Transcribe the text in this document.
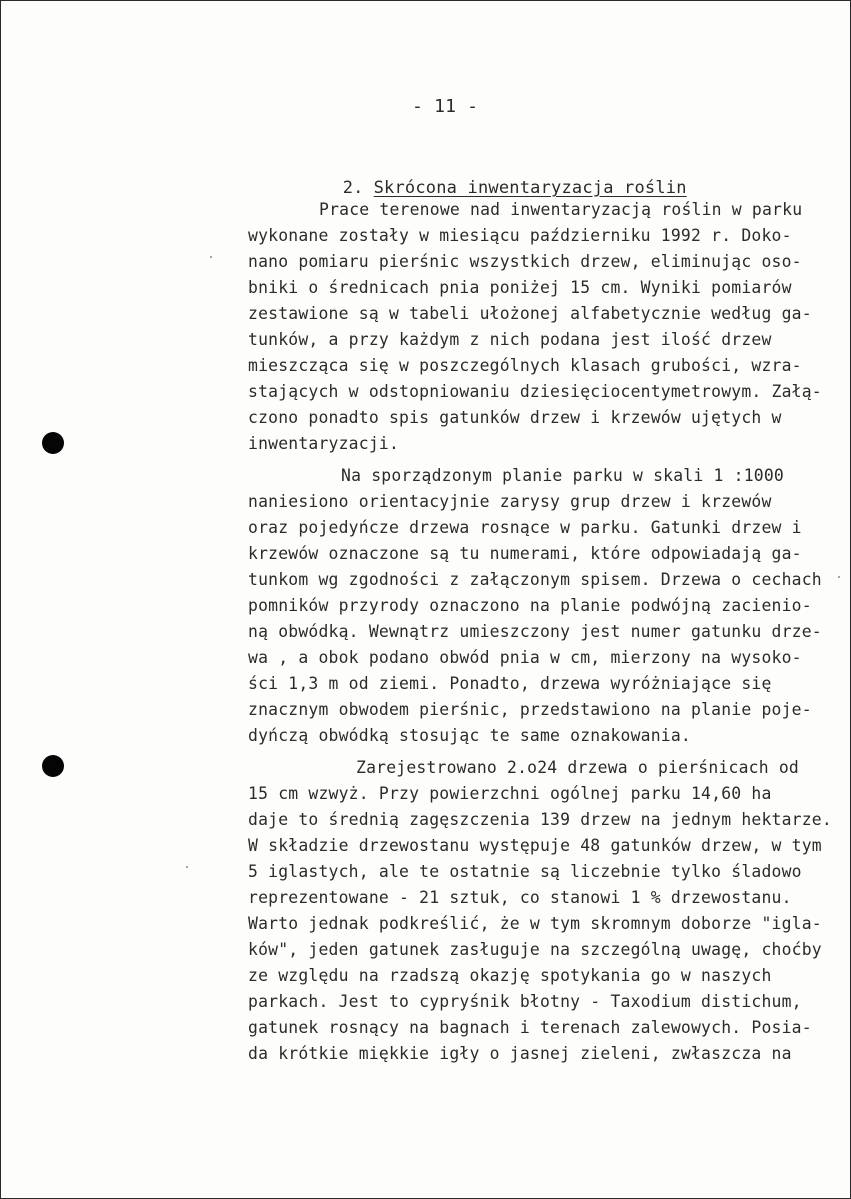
- 11 -

2. Skrócona inwentaryzacja roślin

Prace terenowe nad inwentaryzacją roślin w parku
wykonane zostały w miesiącu październiku 1992 r. Doko-
nano pomiaru pierśnic wszystkich drzew, eliminując oso-
bniki o średnicach pnia poniżej 15 cm. Wyniki pomiarów
zestawione są w tabeli ułożonej alfabetycznie według ga-
tunków, a przy każdym z nich podana jest ilość drzew
mieszcząca się w poszczególnych klasach grubości, wzra-
stających w odstopniowaniu dziesięciocentymetrowym. Załą-
czono ponadto spis gatunków drzew i krzewów ujętych w
inwentaryzacji.
Na sporządzonym planie parku w skali 1 :1000
naniesiono orientacyjnie zarysy grup drzew i krzewów
oraz pojedyńcze drzewa rosnące w parku. Gatunki drzew i
krzewów oznaczone są tu numerami, które odpowiadają ga-
tunkom wg zgodności z załączonym spisem. Drzewa o cechach
pomników przyrody oznaczono na planie podwójną zacienio-
ną obwódką. Wewnątrz umieszczony jest numer gatunku drze-
wa , a obok podano obwód pnia w cm, mierzony na wysoko-
ści 1,3 m od ziemi. Ponadto, drzewa wyróżniające się
znacznym obwodem pierśnic, przedstawiono na planie poje-
dyńczą obwódką stosując te same oznakowania.
Zarejestrowano 2.o24 drzewa o pierśnicach od
15 cm wzwyż. Przy powierzchni ogólnej parku 14,60 ha
daje to średnią zagęszczenia 139 drzew na jednym hektarze.
W składzie drzewostanu występuje 48 gatunków drzew, w tym
5 iglastych, ale te ostatnie są liczebnie tylko śladowo
reprezentowane - 21 sztuk, co stanowi 1 % drzewostanu.
Warto jednak podkreślić, że w tym skromnym doborze "igla-
ków", jeden gatunek zasługuje na szczególną uwagę, choćby
ze względu na rzadszą okazję spotykania go w naszych
parkach. Jest to cypryśnik błotny - Taxodium distichum,
gatunek rosnący na bagnach i terenach zalewowych. Posia-
da krótkie miękkie igły o jasnej zieleni, zwłaszcza na
